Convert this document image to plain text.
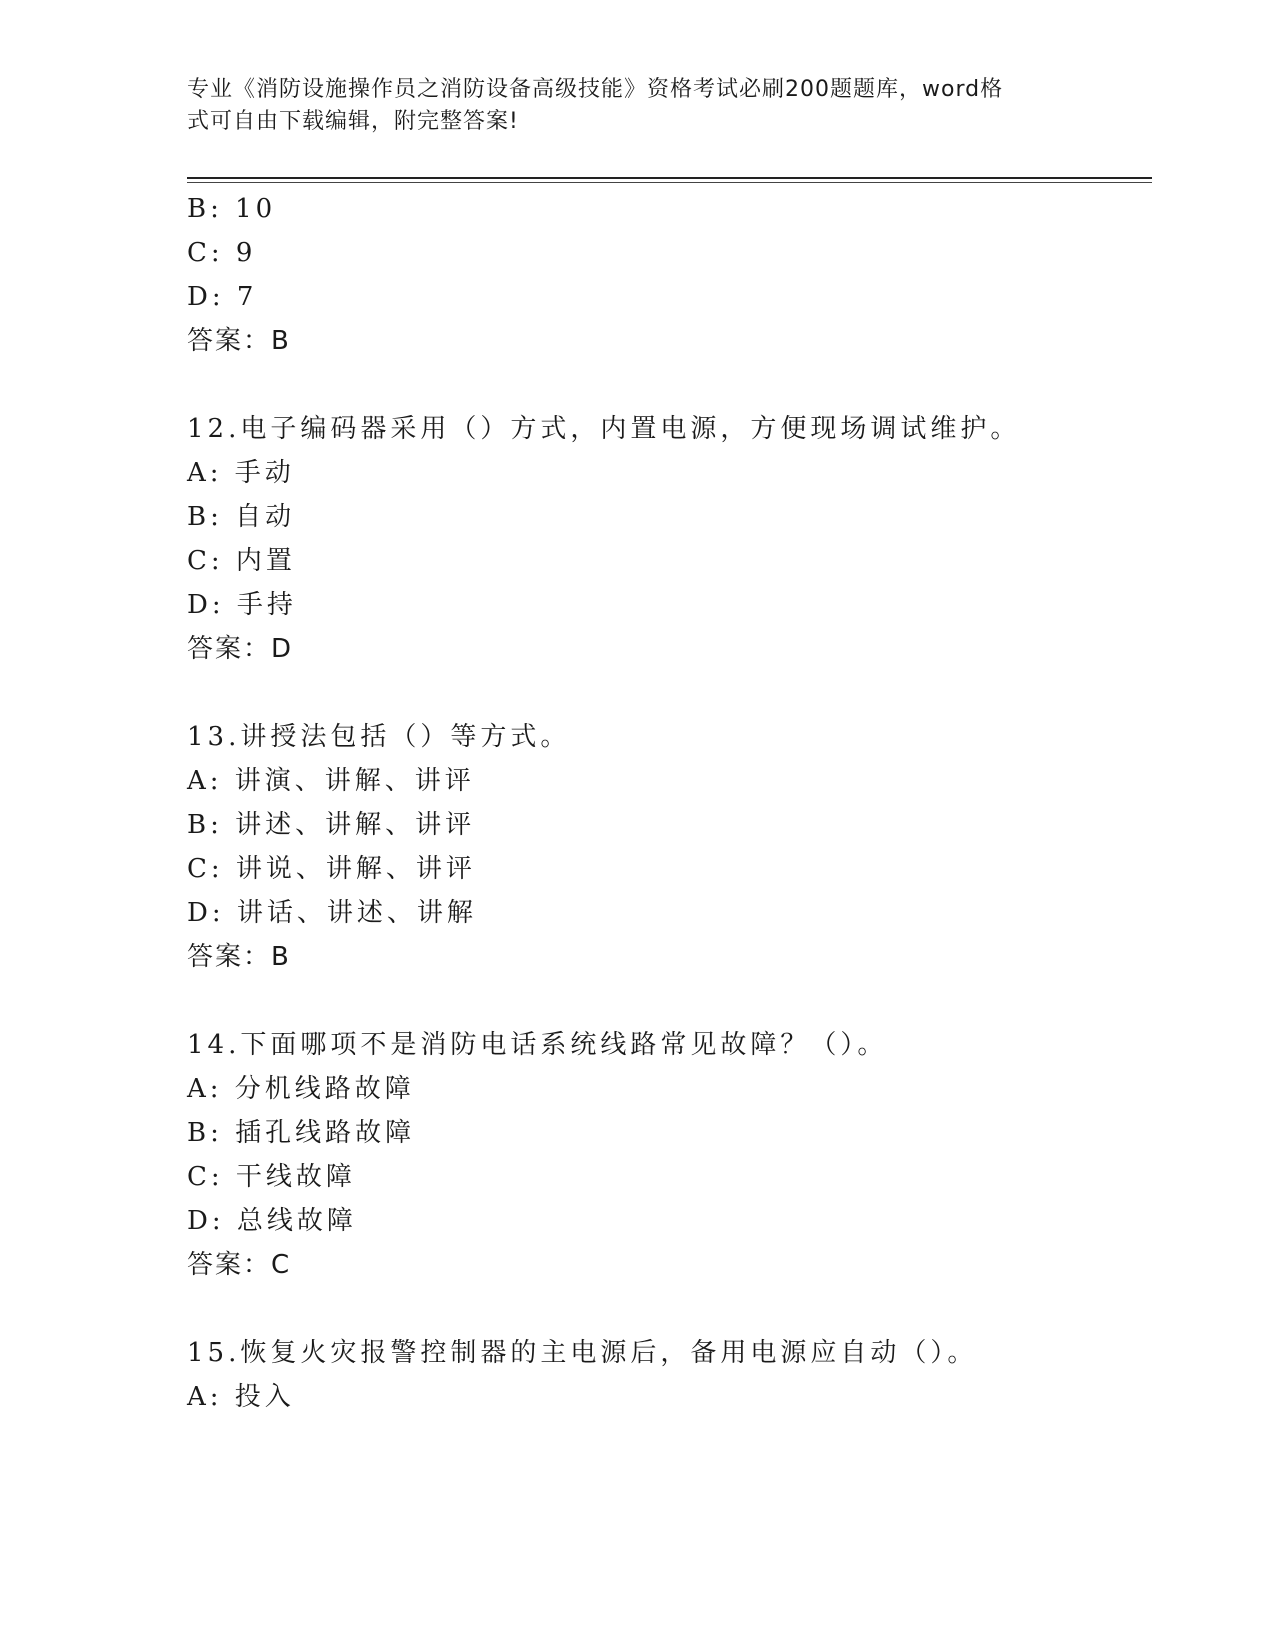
专业《消防设施操作员之消防设备高级技能》资格考试必刷200题题库，word格
式可自由下载编辑，附完整答案!
B: 10
C: 9
D: 7
答案：B
12.电子编码器采用（）方式，内置电源，方便现场调试维护。
A: 手动
B: 自动
C: 内置
D: 手持
答案：D
13.讲授法包括（）等方式。
A: 讲演、讲解、讲评
B: 讲述、讲解、讲评
C: 讲说、讲解、讲评
D: 讲话、讲述、讲解
答案：B
14.下面哪项不是消防电话系统线路常见故障？（）。
A: 分机线路故障
B: 插孔线路故障
C: 干线故障
D: 总线故障
答案：C
15.恢复火灾报警控制器的主电源后，备用电源应自动（）。
A: 投入
